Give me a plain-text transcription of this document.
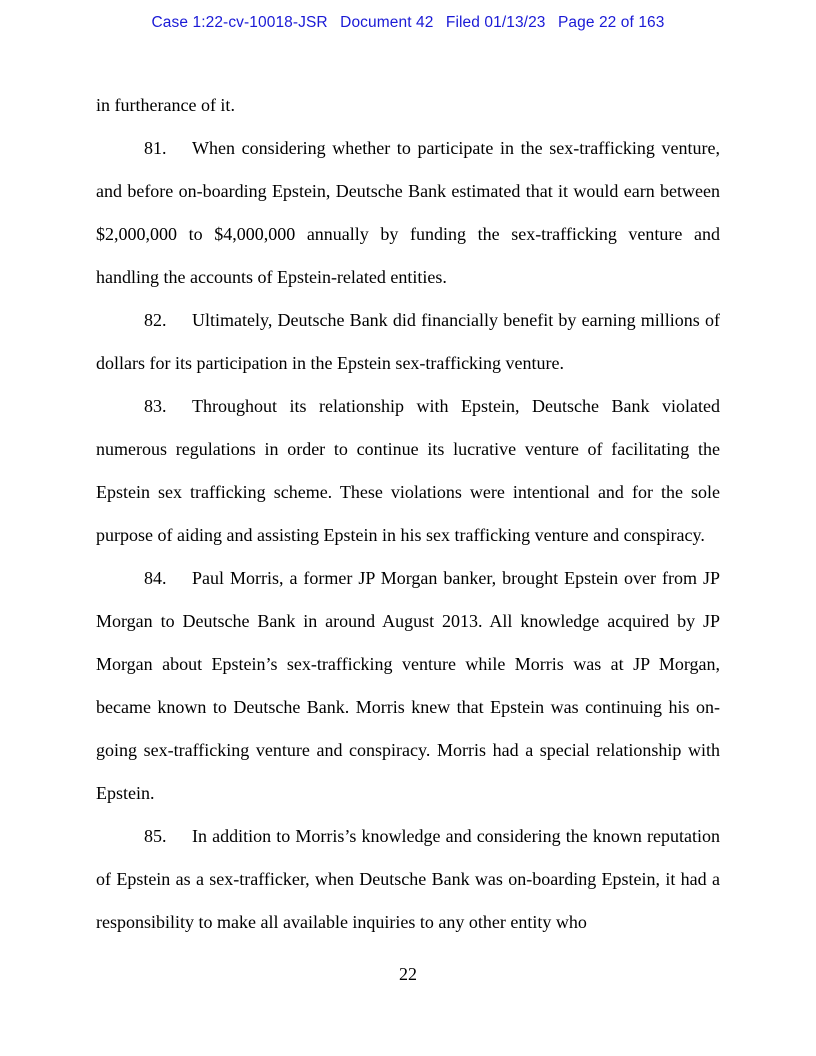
Case 1:22-cv-10018-JSR Document 42 Filed 01/13/23 Page 22 of 163

in furtherance of it.

81. When considering whether to participate in the sex-trafficking venture, and before on-boarding Epstein, Deutsche Bank estimated that it would earn between $2,000,000 to $4,000,000 annually by funding the sex-trafficking venture and handling the accounts of Epstein-related entities.

82. Ultimately, Deutsche Bank did financially benefit by earning millions of dollars for its participation in the Epstein sex-trafficking venture.

83. Throughout its relationship with Epstein, Deutsche Bank violated numerous regulations in order to continue its lucrative venture of facilitating the Epstein sex trafficking scheme. These violations were intentional and for the sole purpose of aiding and assisting Epstein in his sex trafficking venture and conspiracy.

84. Paul Morris, a former JP Morgan banker, brought Epstein over from JP Morgan to Deutsche Bank in around August 2013. All knowledge acquired by JP Morgan about Epstein’s sex-trafficking venture while Morris was at JP Morgan, became known to Deutsche Bank. Morris knew that Epstein was continuing his on-going sex-trafficking venture and conspiracy. Morris had a special relationship with Epstein.

85. In addition to Morris’s knowledge and considering the known reputation of Epstein as a sex-trafficker, when Deutsche Bank was on-boarding Epstein, it had a responsibility to make all available inquiries to any other entity who

22
